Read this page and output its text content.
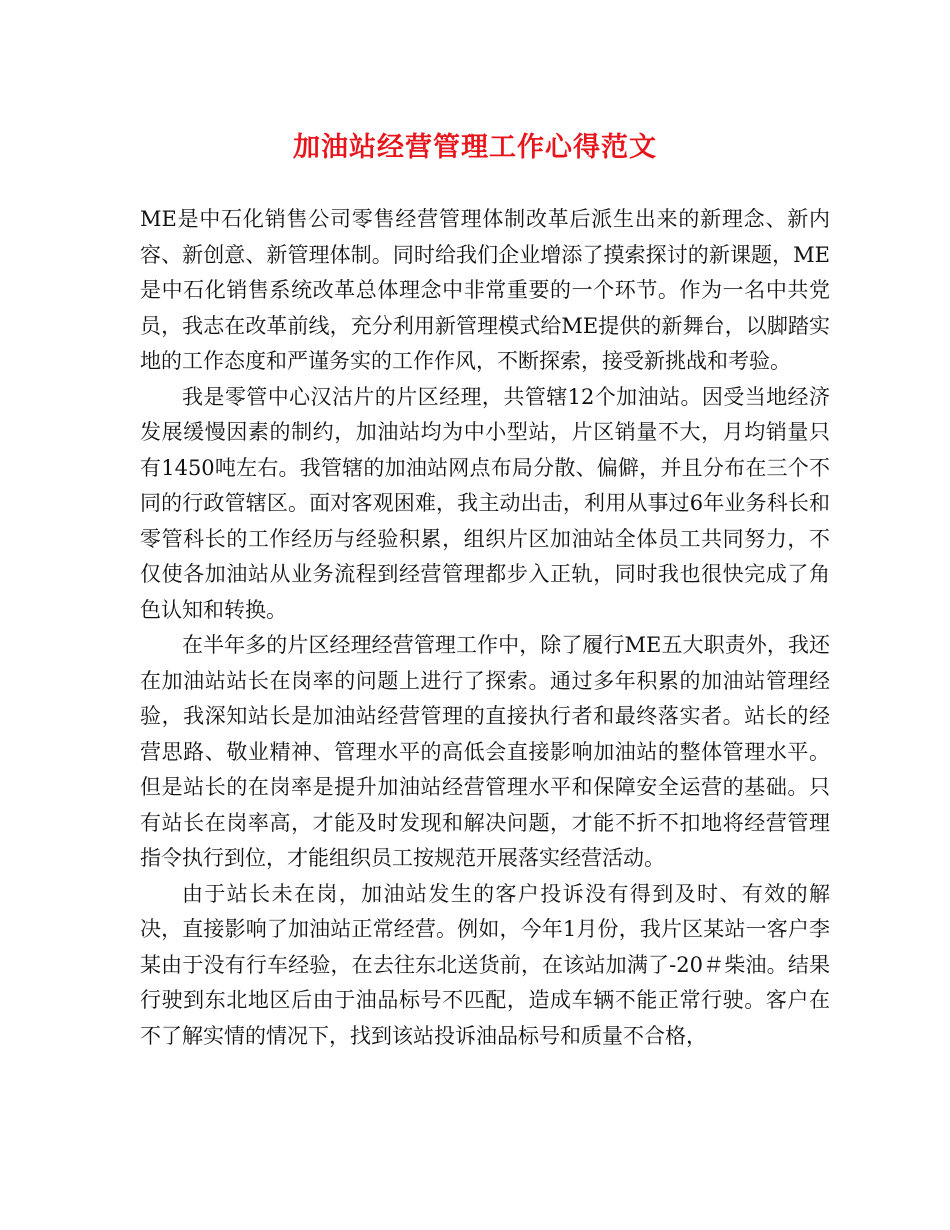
加油站经营管理工作心得范文

ME是中石化销售公司零售经营管理体制改革后派生出来的新理念、新内容、新创意、新管理体制。同时给我们企业增添了摸索探讨的新课题，ME是中石化销售系统改革总体理念中非常重要的一个环节。作为一名中共党员，我志在改革前线，充分利用新管理模式给ME提供的新舞台，以脚踏实地的工作态度和严谨务实的工作作风，不断探索，接受新挑战和考验。

我是零管中心汉沽片的片区经理，共管辖12个加油站。因受当地经济发展缓慢因素的制约，加油站均为中小型站，片区销量不大，月均销量只有1450吨左右。我管辖的加油站网点布局分散、偏僻，并且分布在三个不同的行政管辖区。面对客观困难，我主动出击，利用从事过6年业务科长和零管科长的工作经历与经验积累，组织片区加油站全体员工共同努力，不仅使各加油站从业务流程到经营管理都步入正轨，同时我也很快完成了角色认知和转换。

在半年多的片区经理经营管理工作中，除了履行ME五大职责外，我还在加油站站长在岗率的问题上进行了探索。通过多年积累的加油站管理经验，我深知站长是加油站经营管理的直接执行者和最终落实者。站长的经营思路、敬业精神、管理水平的高低会直接影响加油站的整体管理水平。但是站长的在岗率是提升加油站经营管理水平和保障安全运营的基础。只有站长在岗率高，才能及时发现和解决问题，才能不折不扣地将经营管理指令执行到位，才能组织员工按规范开展落实经营活动。

由于站长未在岗，加油站发生的客户投诉没有得到及时、有效的解决，直接影响了加油站正常经营。例如，今年1月份，我片区某站一客户李某由于没有行车经验，在去往东北送货前，在该站加满了-20＃柴油。结果行驶到东北地区后由于油品标号不匹配，造成车辆不能正常行驶。客户在不了解实情的情况下，找到该站投诉油品标号和质量不合格，
